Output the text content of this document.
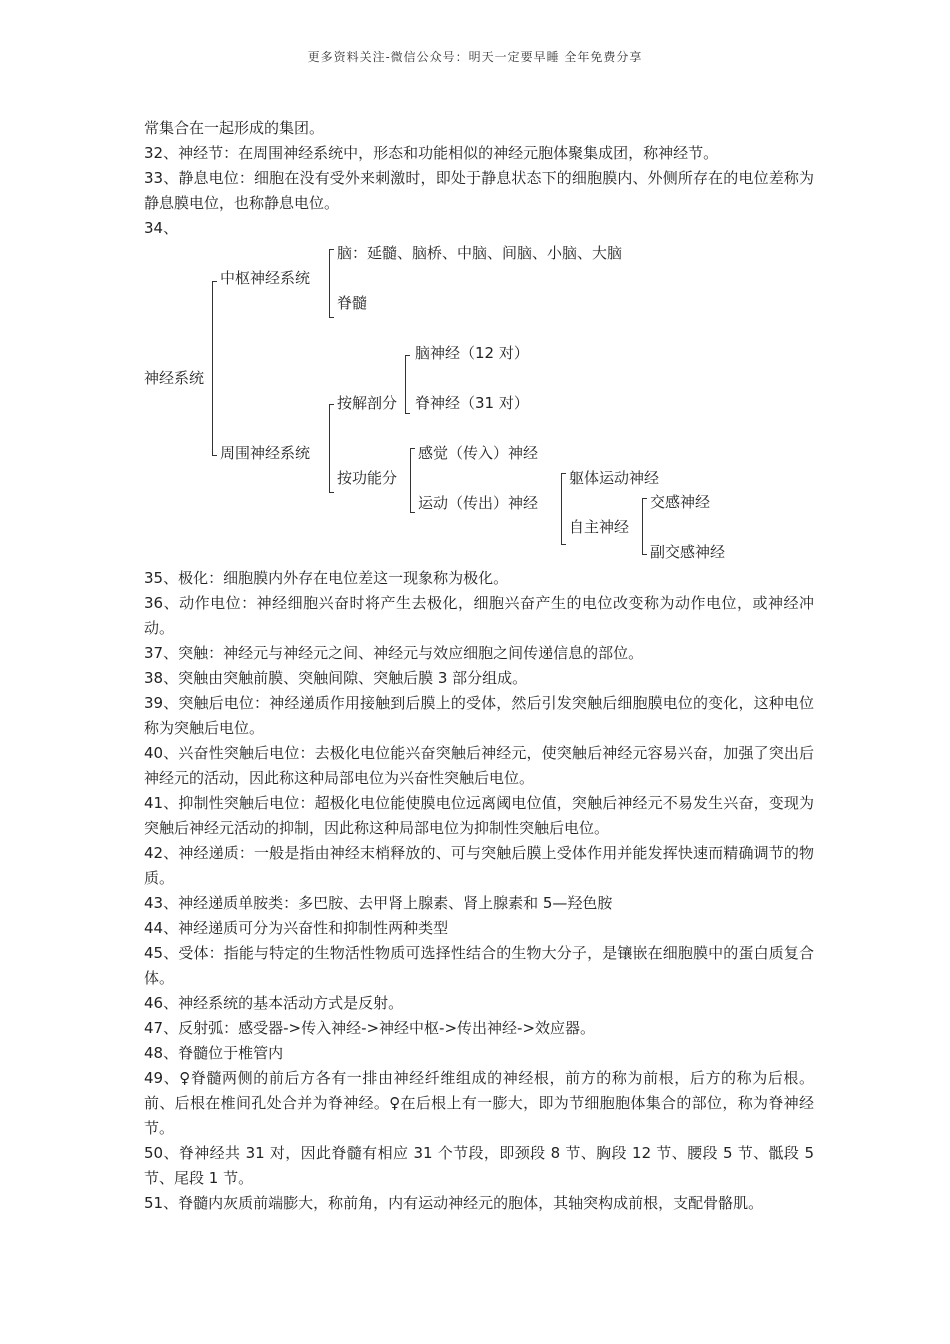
更多资料关注-微信公众号：明天一定要早睡 全年免费分享

常集合在一起形成的集团。

32、神经节：在周围神经系统中，形态和功能相似的神经元胞体聚集成团，称神经节。

33、静息电位：细胞在没有受外来刺激时，即处于静息状态下的细胞膜内、外侧所存在的电位差称为静息膜电位，也称静息电位。

34、

神经系统
中枢神经系统
脑：延髓、脑桥、中脑、间脑、小脑、大脑
脊髓
周围神经系统
按解剖分
脑神经（12 对）
脊神经（31 对）
按功能分
感觉（传入）神经
运动（传出）神经
躯体运动神经
自主神经
交感神经
副交感神经

35、极化：细胞膜内外存在电位差这一现象称为极化。

36、动作电位：神经细胞兴奋时将产生去极化，细胞兴奋产生的电位改变称为动作电位，或神经冲动。

37、突触：神经元与神经元之间、神经元与效应细胞之间传递信息的部位。

38、突触由突触前膜、突触间隙、突触后膜 3 部分组成。

39、突触后电位：神经递质作用接触到后膜上的受体，然后引发突触后细胞膜电位的变化，这种电位称为突触后电位。

40、兴奋性突触后电位：去极化电位能兴奋突触后神经元，使突触后神经元容易兴奋，加强了突出后神经元的活动，因此称这种局部电位为兴奋性突触后电位。

41、抑制性突触后电位：超极化电位能使膜电位远离阈电位值，突触后神经元不易发生兴奋，变现为突触后神经元活动的抑制，因此称这种局部电位为抑制性突触后电位。

42、神经递质：一般是指由神经末梢释放的、可与突触后膜上受体作用并能发挥快速而精确调节的物质。

43、神经递质单胺类：多巴胺、去甲肾上腺素、肾上腺素和 5—羟色胺

44、神经递质可分为兴奋性和抑制性两种类型

45、受体：指能与特定的生物活性物质可选择性结合的生物大分子，是镶嵌在细胞膜中的蛋白质复合体。

46、神经系统的基本活动方式是反射。

47、反射弧：感受器->传入神经->神经中枢->传出神经->效应器。

48、脊髓位于椎管内

49、♀脊髓两侧的前后方各有一排由神经纤维组成的神经根，前方的称为前根，后方的称为后根。前、后根在椎间孔处合并为脊神经。♀在后根上有一膨大，即为节细胞胞体集合的部位，称为脊神经节。

50、脊神经共 31 对，因此脊髓有相应 31 个节段，即颈段 8 节、胸段 12 节、腰段 5 节、骶段 5 节、尾段 1 节。

51、脊髓内灰质前端膨大，称前角，内有运动神经元的胞体，其轴突构成前根，支配骨骼肌。
